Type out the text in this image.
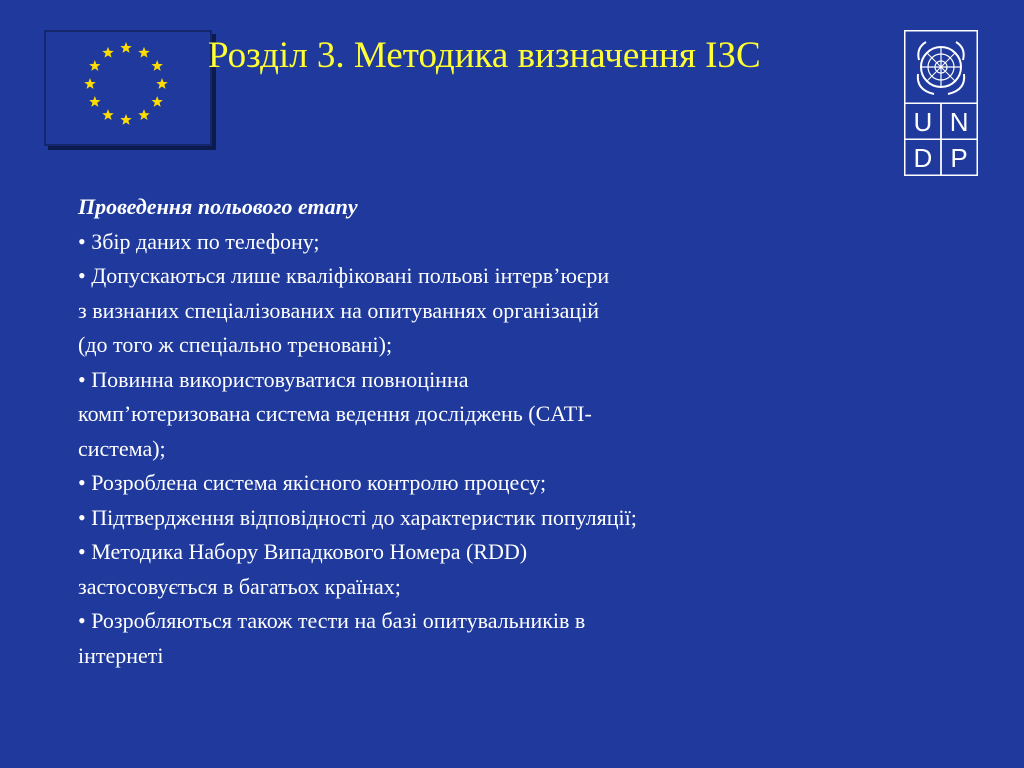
Розділ 3. Методика визначення ІЗС
U N
D P
Проведення польового етапу
• Збір даних по телефону;
• Допускаються лише кваліфіковані польові інтерв’юєри
з визнаних спеціалізованих на опитуваннях організацій
(до того ж спеціально треновані);
• Повинна використовуватися повноцінна
комп’ютеризована система ведення досліджень (CATI-
система);
• Розроблена система якісного контролю процесу;
• Підтвердження відповідності до характеристик популяції;
• Методика Набору Випадкового Номера (RDD)
застосовується в багатьох країнах;
• Розробляються також тести на базі опитувальників в
інтернеті
